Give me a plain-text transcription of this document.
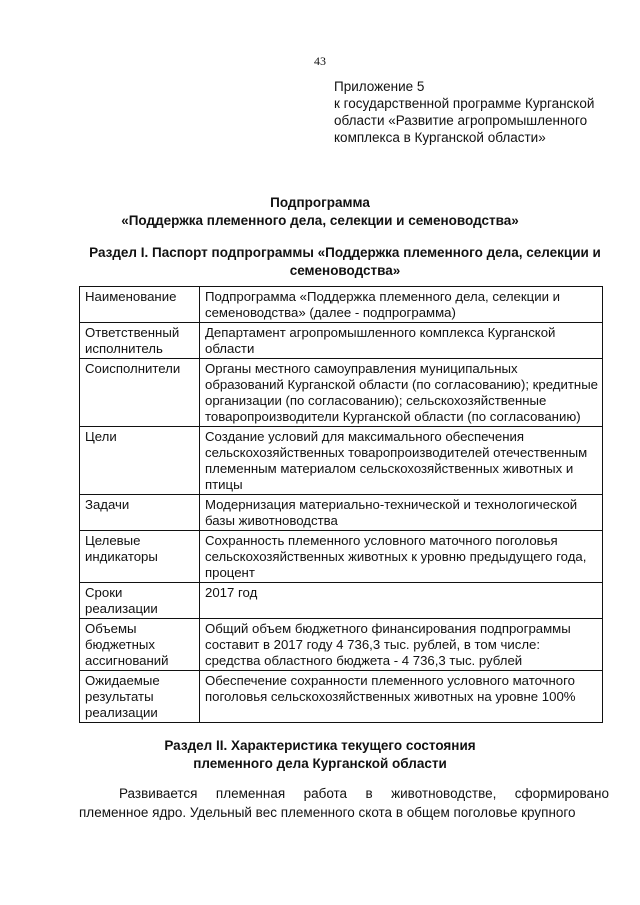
43
Приложение 5
к государственной программе Курганской
области «Развитие агропромышленного
комплекса в Курганской области»
Подпрограмма
«Поддержка племенного дела, селекции и семеноводства»
Раздел I. Паспорт подпрограммы «Поддержка племенного дела, селекции и
семеноводства»
Наименование	Подпрограмма «Поддержка племенного дела, селекции и семеноводства» (далее - подпрограмма)
Ответственный исполнитель	Департамент агропромышленного комплекса Курганской области
Соисполнители	Органы местного самоуправления муниципальных образований Курганской области (по согласованию); кредитные организации (по согласованию); сельскохозяйственные товаропроизводители Курганской области (по согласованию)
Цели	Создание условий для максимального обеспечения сельскохозяйственных товаропроизводителей отечественным племенным материалом сельскохозяйственных животных и птицы
Задачи	Модернизация материально-технической и технологической базы животноводства
Целевые индикаторы	Сохранность племенного условного маточного поголовья сельскохозяйственных животных к уровню предыдущего года, процент
Сроки реализации	2017 год
Объемы бюджетных ассигнований	Общий объем бюджетного финансирования подпрограммы составит в 2017 году 4 736,3 тыс. рублей, в том числе: средства областного бюджета - 4 736,3 тыс. рублей
Ожидаемые результаты реализации	Обеспечение сохранности племенного условного маточного поголовья сельскохозяйственных животных на уровне 100%
Раздел II. Характеристика текущего состояния
племенного дела Курганской области
Развивается племенная работа в животноводстве, сформировано
племенное ядро. Удельный вес племенного скота в общем поголовье крупного
